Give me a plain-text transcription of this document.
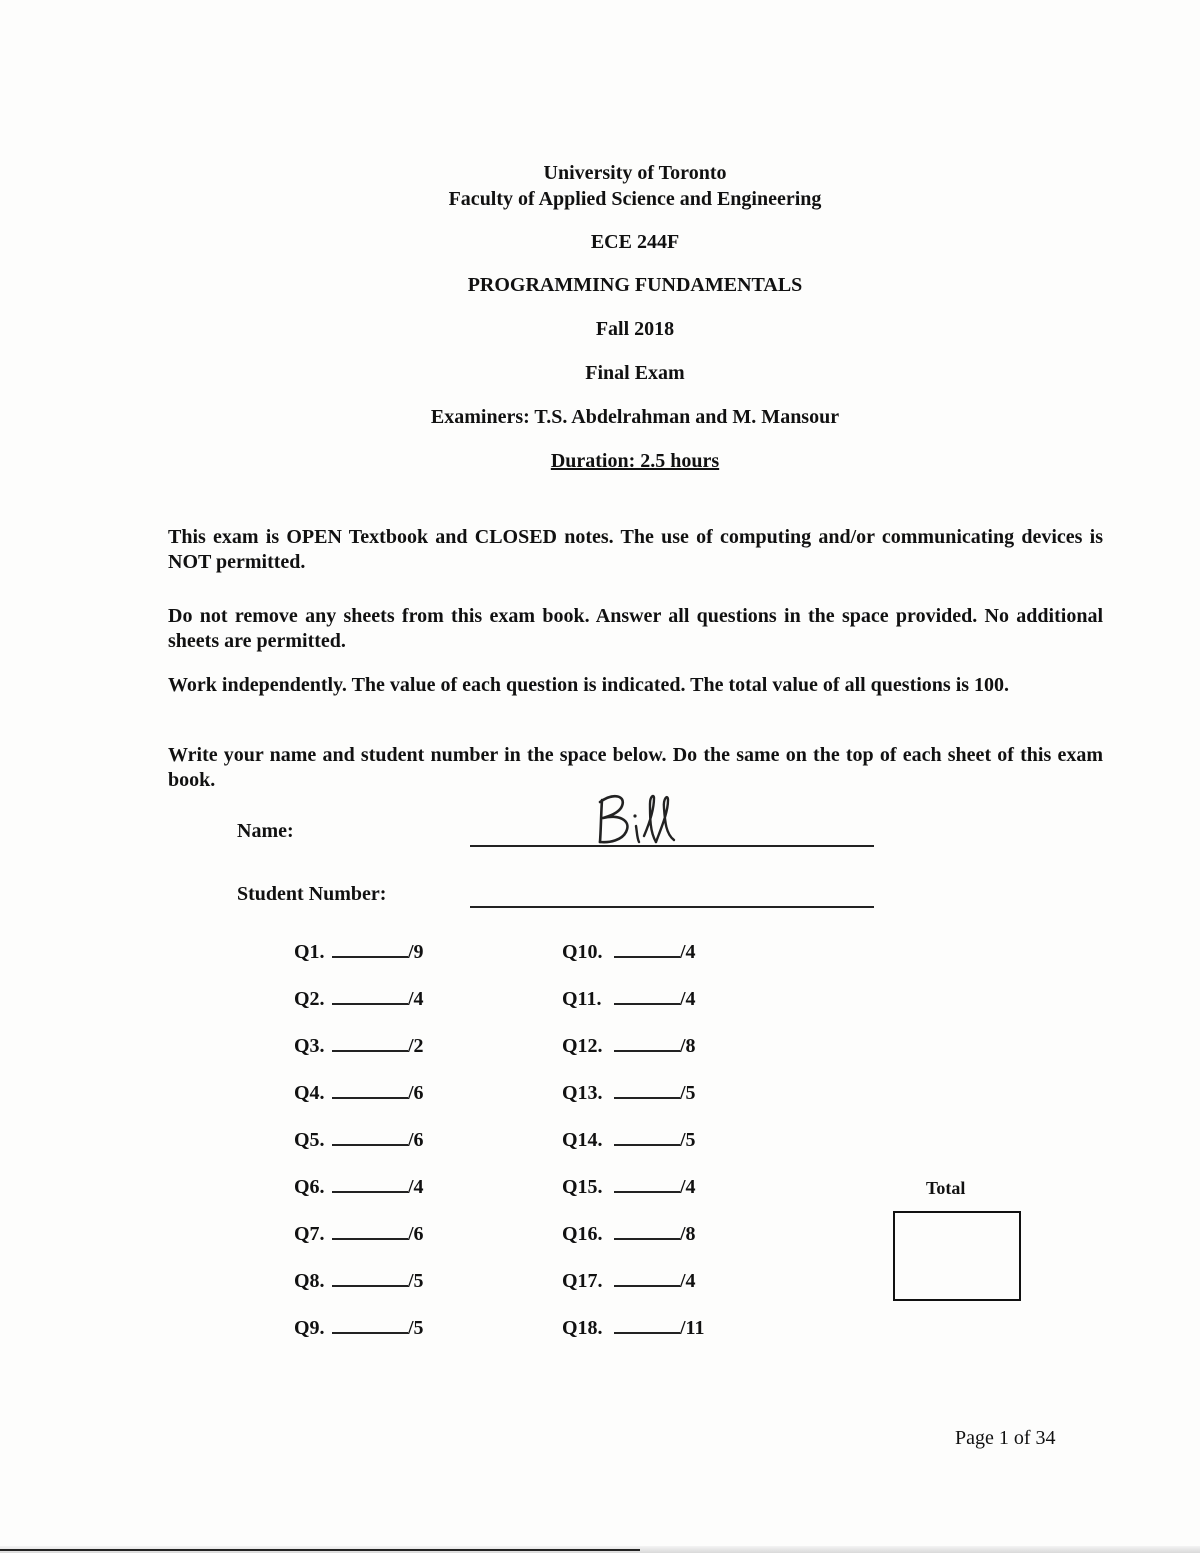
University of Toronto
Faculty of Applied Science and Engineering
ECE 244F
PROGRAMMING FUNDAMENTALS
Fall 2018
Final Exam
Examiners: T.S. Abdelrahman and M. Mansour
Duration: 2.5 hours
This exam is OPEN Textbook and CLOSED notes. The use of computing and/or communicating devices is NOT permitted.
Do not remove any sheets from this exam book. Answer all questions in the space provided. No additional sheets are permitted.
Work independently. The value of each question is indicated. The total value of all questions is 100.
Write your name and student number in the space below. Do the same on the top of each sheet of this exam book.
Name:
Student Number:
Q1.	/9
Q2.	/4
Q3.	/2
Q4.	/6
Q5.	/6
Q6.	/4
Q7.	/6
Q8.	/5
Q9.	/5
Q10.	/4
Q11.	/4
Q12.	/8
Q13.	/5
Q14.	/5
Q15.	/4
Q16.	/8
Q17.	/4
Q18.	/11
Total
Page 1 of 34
